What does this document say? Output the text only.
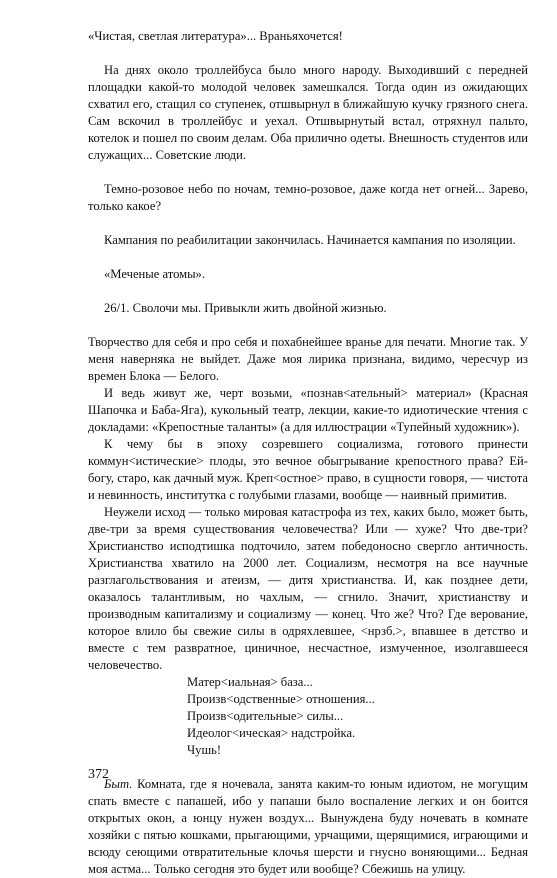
«Чистая, светлая литература»... Враньяхочется!

На днях около троллейбуса было много народу. Выходивший с передней площадки какой-то молодой человек замешкался. Тогда один из ожидающих схватил его, стащил со ступенек, отшвырнул в ближайшую кучку грязного снега. Сам вскочил в троллейбус и уехал. Отшвырнутый встал, отряхнул пальто, котелок и пошел по своим делам. Оба прилично одеты. Внешность студентов или служащих... Советские люди.

Темно-розовое небо по ночам, темно-розовое, даже когда нет огней... Зарево, только какое?

Кампания по реабилитации закончилась. Начинается кампания по изоляции.

«Меченые атомы».

26/1. Сволочи мы. Привыкли жить двойной жизнью.

Творчество для себя и про себя и похабнейшее вранье для печати. Многие так. У меня наверняка не выйдет. Даже моя лирика признана, видимо, чересчур из времен Блока — Белого.

И ведь живут же, черт возьми, «познав<ательный> материал» (Красная Шапочка и Баба-Яга), кукольный театр, лекции, какие-то идиотические чтения с докладами: «Крепостные таланты» (а для иллюстрации «Тупейный художник»).

К чему бы в эпоху созревшего социализма, готового принести коммун<истические> плоды, это вечное обыгрывание крепостного права? Ей-богу, старо, как дачный муж. Креп<остное> право, в сущности говоря, — чистота и невинность, институтка с голубыми глазами, вообще — наивный примитив.

Неужели исход — только мировая катастрофа из тех, каких было, может быть, две-три за время существования человечества? Или — хуже? Что две-три? Христианство исподтишка подточило, затем победоносно свергло античность. Христианства хватило на 2000 лет. Социализм, несмотря на все научные разглагольствования и атеизм, — дитя христианства. И, как позднее дети, оказалось талантливым, но чахлым, — сгнило. Значит, христианству и производным капитализму и социализму — конец. Что же? Что? Где верование, которое влило бы свежие силы в одряхлевшее, <нрзб.>, впавшее в детство и вместе с тем развратное, циничное, несчастное, измученное, изолгавшееся человечество.

Матер<иальная> база...
Произв<одственные> отношения...
Произв<одительные> силы...
Идеолог<ическая> надстройка.
Чушь!

Быт. Комната, где я ночевала, занята каким-то юным идиотом, не могущим спать вместе с папашей, ибо у папаши было воспаление легких и он боится открытых окон, а юнцу нужен воздух... Вынуждена буду ночевать в комнате хозяйки с пятью кошками, прыгающими, урчащими, щерящимися, играющими и всюду сеющими отвратительные клочья шерсти и гнусно воняющими... Бедная моя астма... Только сегодня это будет или вообще? Сбежишь на улицу.

372
